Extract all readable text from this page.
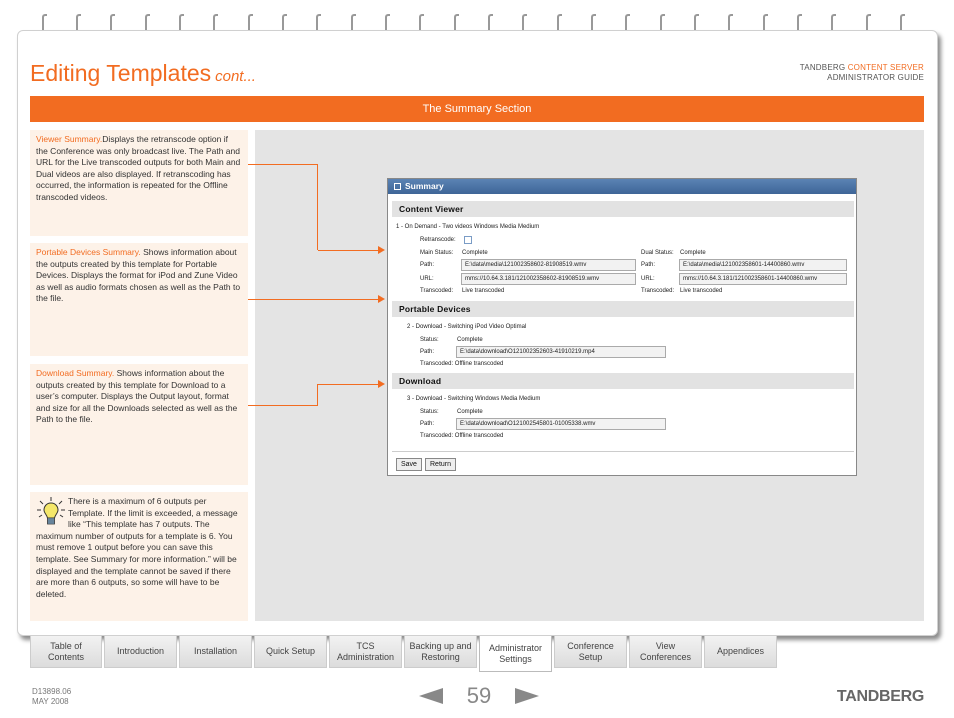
Editing Templates cont...
TANDBERG CONTENT SERVER
ADMINISTRATOR GUIDE
The Summary Section
Viewer Summary.Displays the retranscode option if the Conference was only broadcast live. The Path and URL for the Live transcoded outputs for both Main and Dual videos are also displayed. If retranscoding has occurred, the information is repeated for the Offline transcoded videos.
Portable Devices Summary. Shows information about the outputs created by this template for Portable Devices. Displays the format for iPod and Zune Video as well as audio formats chosen as well as the Path to the file.
Download Summary. Shows information about the outputs created by this template for Download to a user’s computer. Displays the Output layout, format and size for all the Downloads selected as well as the Path to the file.
There is a maximum of 6 outputs per Template. If the limit is exceeded, a message like “This template has 7 outputs. The maximum number of outputs for a template is 6. You must remove 1 output before you can save this template. See Summary for more information.” will be displayed and the template cannot be saved if there are more than 6 outputs, so some will have to be deleted.
Summary
Content Viewer
1 - On Demand - Two videos Windows Media Medium
Retranscode:
Main Status: Complete
Path:	E:\data\media\121002358602-81908519.wmv
URL:	mms://10.64.3.181/121002358602-81908519.wmv
Transcoded: Live transcoded
Dual Status: Complete
Path:	E:\data\media\121002358601-14400860.wmv
URL:	mms://10.64.3.181/121002358601-14400860.wmv
Transcoded: Live transcoded
Portable Devices
2 - Download - Switching iPod Video Optimal
Status:	Complete
Path:	E:\data\download\O121002352603-41910219.mp4
Transcoded: Offline transcoded
Download
3 - Download - Switching Windows Media Medium
Status:	Complete
Path:	E:\data\download\O121002545801-01005338.wmv
Transcoded: Offline transcoded
Save	Return
Table of Contents
Introduction	Installation	Quick Setup
TCS Administration
Backing up and Restoring
Administrator Settings
Conference Setup
View Conferences
Appendices
D13898.06
MAY 2008	59	TANDBERG
